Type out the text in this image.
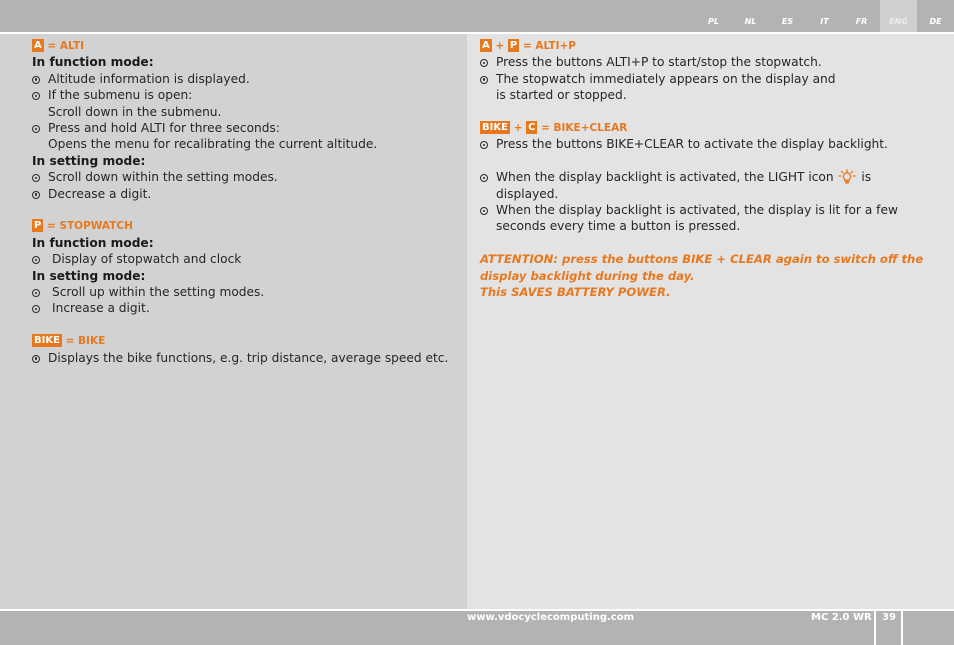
PL	NL	ES	IT	FR	ENG	DE
A = ALTI
In function mode:
Altitude information is displayed.
If the submenu is open:
Scroll down in the submenu.
Press and hold ALTI for three seconds:
Opens the menu for recalibrating the current altitude.
In setting mode:
Scroll down within the setting modes.
Decrease a digit.
P = STOPWATCH
In function mode:
Display of stopwatch and clock
In setting mode:
Scroll up within the setting modes.
Increase a digit.
BIKE = BIKE
Displays the bike functions, e.g. trip distance, average speed etc.
A + P = ALTI+P
Press the buttons ALTI+P to start/stop the stopwatch.
The stopwatch immediately appears on the display and
is started or stopped.
BIKE + C = BIKE+CLEAR
Press the buttons BIKE+CLEAR to activate the display backlight.
When the display backlight is activated, the LIGHT icon is
displayed.
When the display backlight is activated, the display is lit for a few
seconds every time a button is pressed.
ATTENTION: press the buttons BIKE + CLEAR again to switch off the
display backlight during the day.
This SAVES BATTERY POWER.
www.vdocyclecomputing.com	MC 2.0 WR 39
